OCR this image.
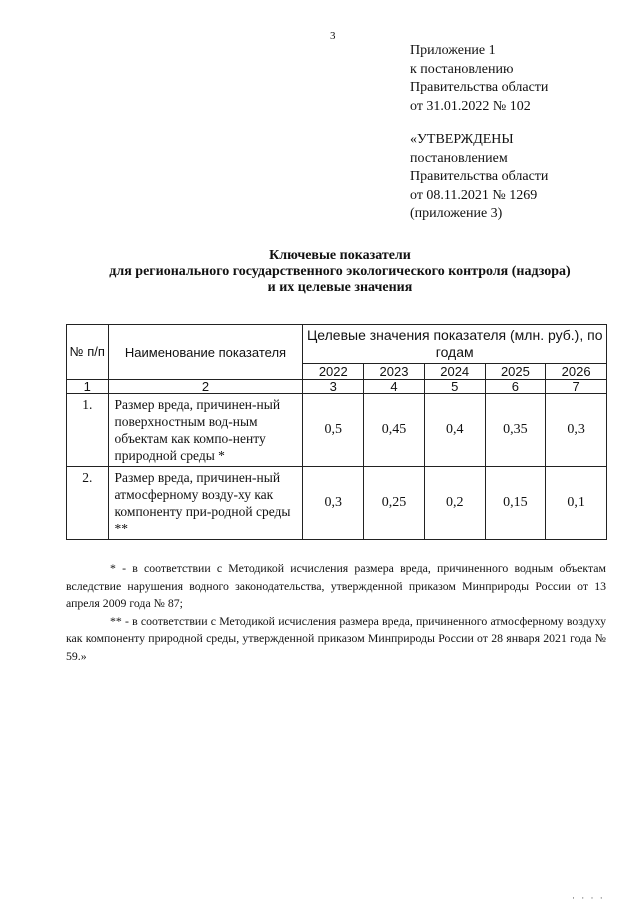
3
Приложение 1
к постановлению
Правительства области
от 31.01.2022 № 102
«УТВЕРЖДЕНЫ
постановлением
Правительства области
от 08.11.2021 № 1269
(приложение 3)
Ключевые показатели
для регионального государственного экологического контроля (надзора)
и их целевые значения
№ п/п	Наименование показателя	Целевые значения показателя (млн. руб.), по годам				
		2022	2023	2024	2025	2026
1	2	3	4	5	6	7
1.	Размер вреда, причинен-ный поверхностным вод-ным объектам как компо-ненту природной среды *	0,5	0,45	0,4	0,35	0,3
2.	Размер вреда, причинен-ный атмосферному возду-ху как компоненту при-родной среды **	0,3	0,25	0,2	0,15	0,1

* - в соответствии с Методикой исчисления размера вреда, причиненного водным объектам вследствие нарушения водного законодательства, утвержденной приказом Минприроды России от 13 апреля 2009 года № 87;

** - в соответствии с Методикой исчисления размера вреда, причиненного атмосферному воздуху как компоненту природной среды, утвержденной приказом Минприроды России от 28 января 2021 года № 59.»

· · · ·
